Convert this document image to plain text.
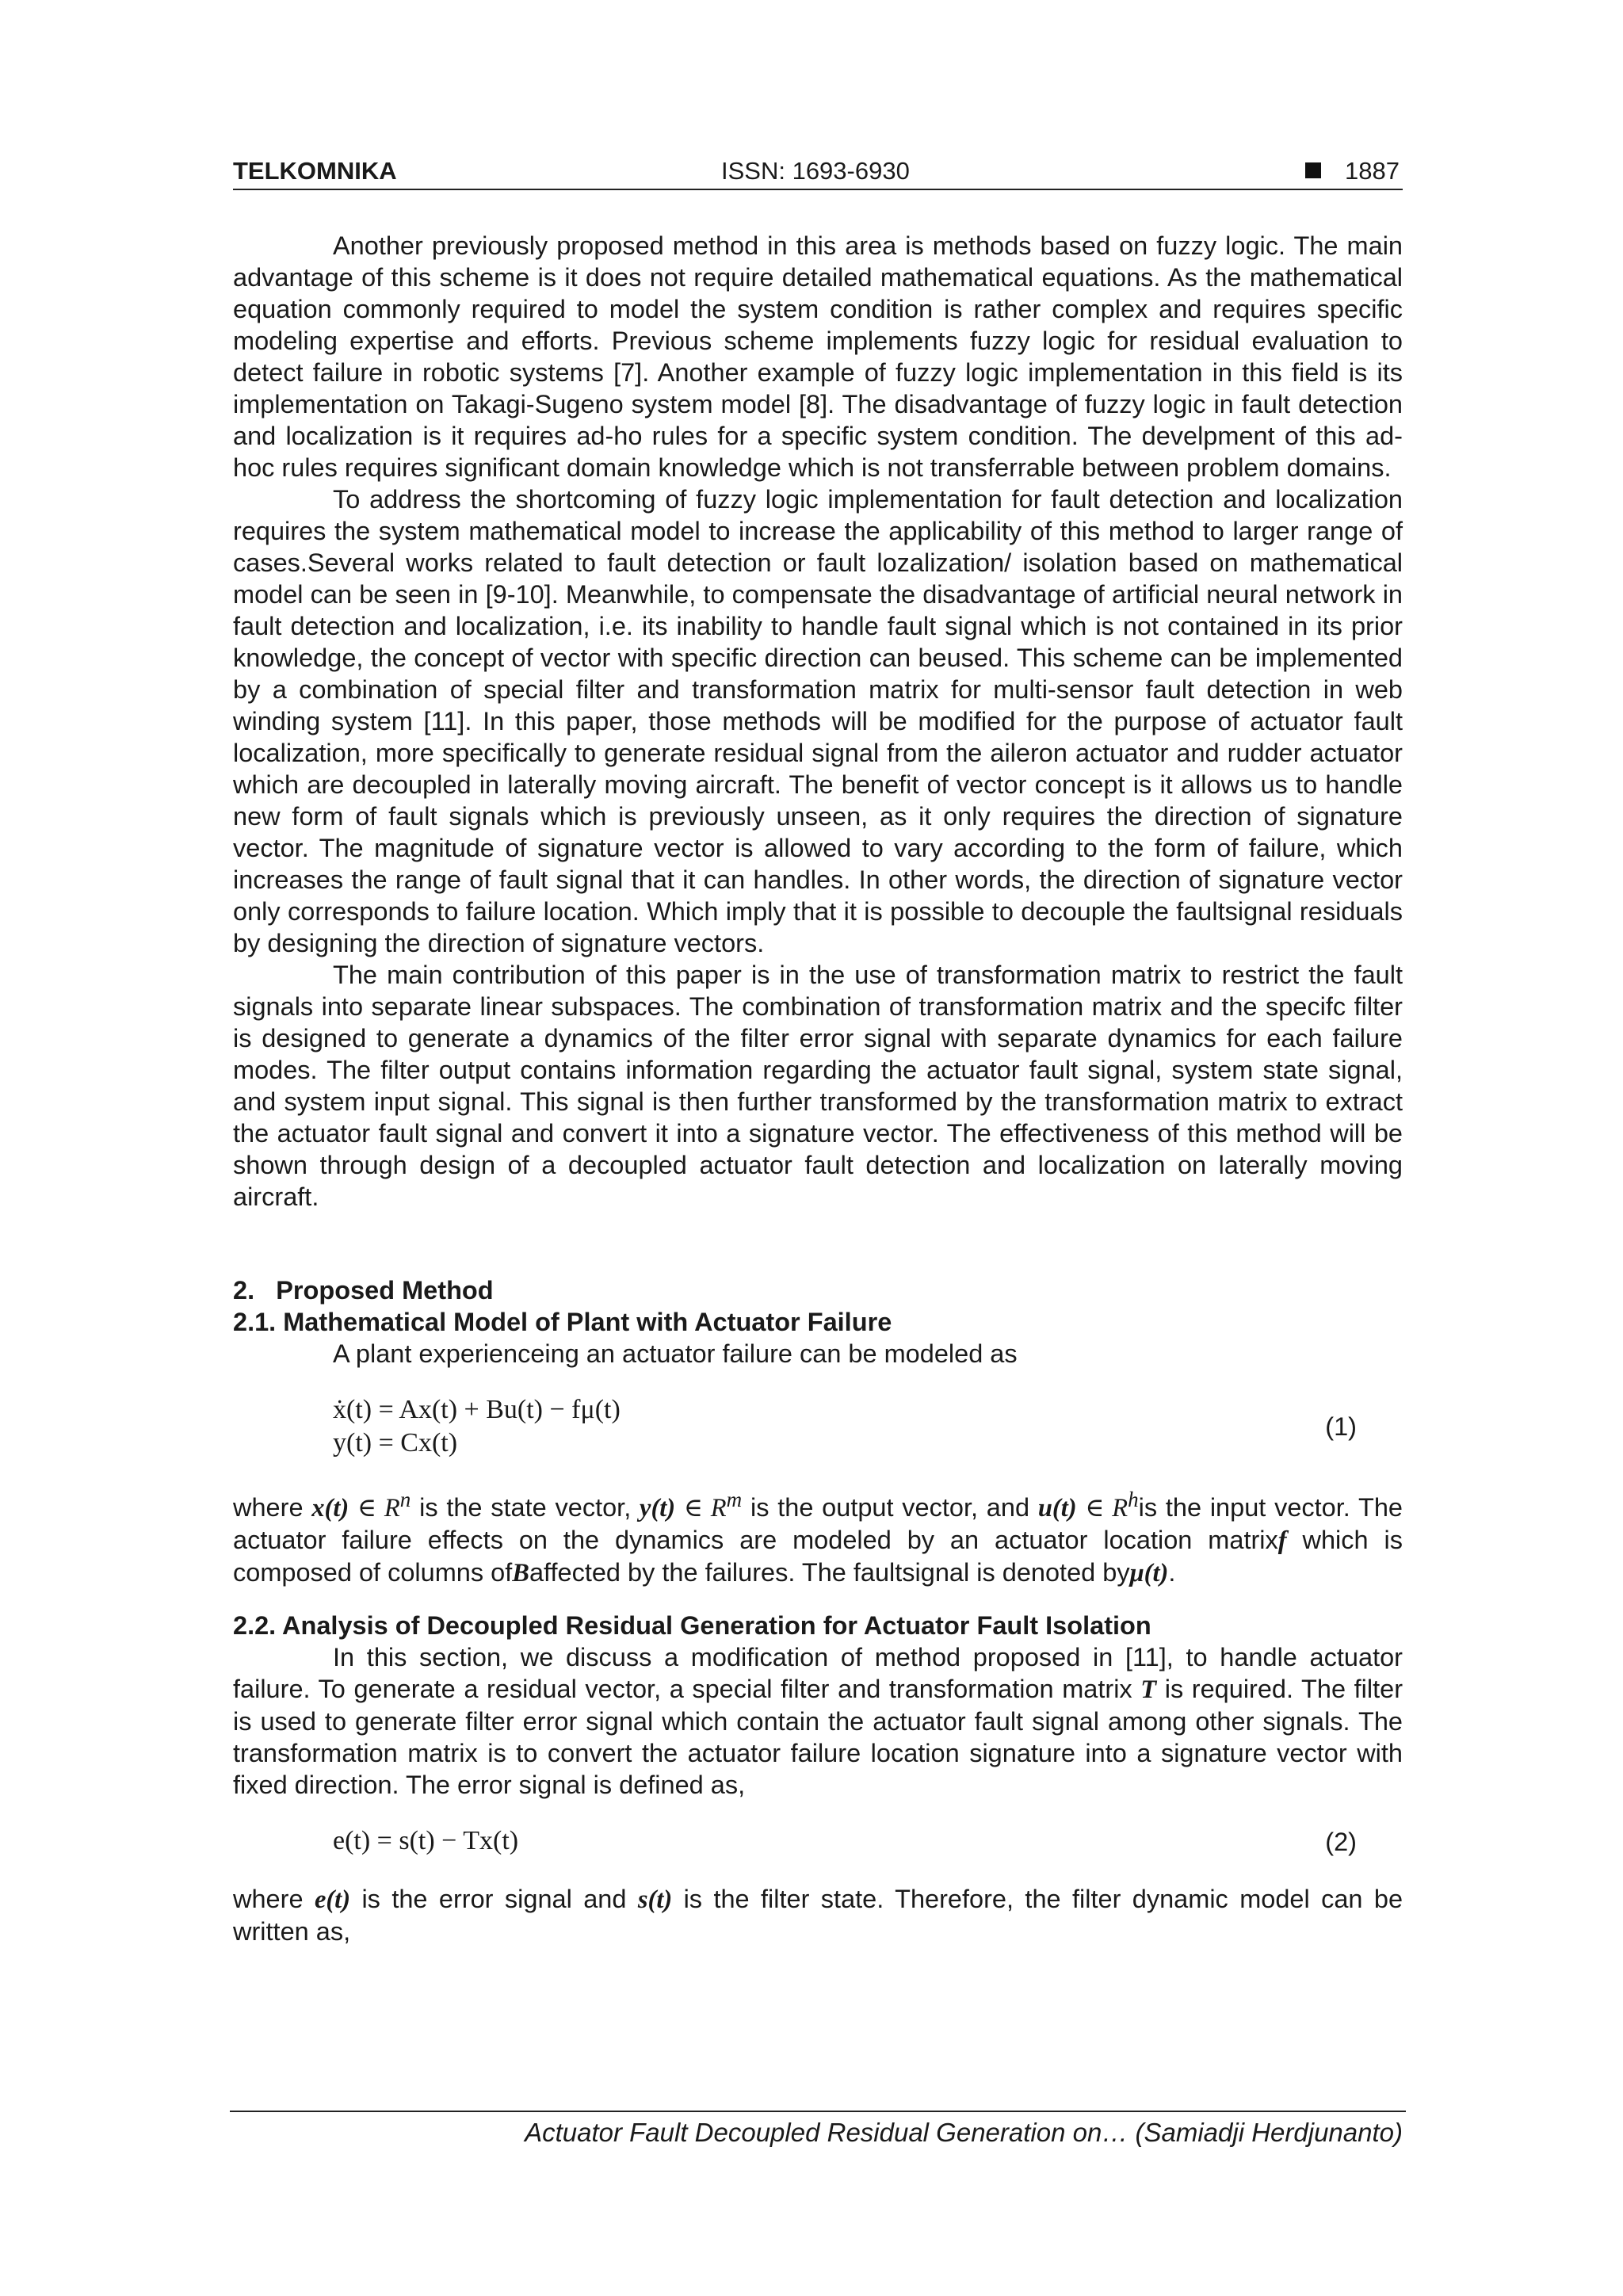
TELKOMNIKA	ISSN: 1693-6930	1887

Another previously proposed method in this area is methods based on fuzzy logic. The main advantage of this scheme is it does not require detailed mathematical equations. As the mathematical equation commonly required to model the system condition is rather complex and requires specific modeling expertise and efforts. Previous scheme implements fuzzy logic for residual evaluation to detect failure in robotic systems [7]. Another example of fuzzy logic implementation in this field is its implementation on Takagi-Sugeno system model [8]. The disadvantage of fuzzy logic in fault detection and localization is it requires ad-ho rules for a specific system condition. The develpment of this ad-hoc rules requires significant domain knowledge which is not transferrable between problem domains.

To address the shortcoming of fuzzy logic implementation for fault detection and localization requires the system mathematical model to increase the applicability of this method to larger range of cases.Several works related to fault detection or fault lozalization/ isolation based on mathematical model can be seen in [9-10]. Meanwhile, to compensate the disadvantage of artificial neural network in fault detection and localization, i.e. its inability to handle fault signal which is not contained in its prior knowledge, the concept of vector with specific direction can beused. This scheme can be implemented by a combination of special filter and transformation matrix for multi-sensor fault detection in web winding system [11]. In this paper, those methods will be modified for the purpose of actuator fault localization, more specifically to generate residual signal from the aileron actuator and rudder actuator which are decoupled in laterally moving aircraft. The benefit of vector concept is it allows us to handle new form of fault signals which is previously unseen, as it only requires the direction of signature vector. The magnitude of signature vector is allowed to vary according to the form of failure, which increases the range of fault signal that it can handles. In other words, the direction of signature vector only corresponds to failure location. Which imply that it is possible to decouple the faultsignal residuals by designing the direction of signature vectors.

The main contribution of this paper is in the use of transformation matrix to restrict the fault signals into separate linear subspaces. The combination of transformation matrix and the specifc filter is designed to generate a dynamics of the filter error signal with separate dynamics for each failure modes. The filter output contains information regarding the actuator fault signal, system state signal, and system input signal. This signal is then further transformed by the transformation matrix to extract the actuator fault signal and convert it into a signature vector. The effectiveness of this method will be shown through design of a decoupled actuator fault detection and localization on laterally moving aircraft.

2.   Proposed Method

2.1. Mathematical Model of Plant with Actuator Failure

A plant experienceing an actuator failure can be modeled as

ẋ(t) = Ax(t) + Bu(t) − fμ(t)
y(t) = Cx(t)
(1)

where x(t) ∈ $R^n$ is the state vector, y(t) ∈ $R^m$ is the output vector, and u(t) ∈ $R^his$ the input vector. The actuator failure effects on the dynamics are modeled by an actuator location matrixf which is composed of columns ofBaffected by the failures. The faultsignal is denoted byμ(t).

2.2. Analysis of Decoupled Residual Generation for Actuator Fault Isolation

In this section, we discuss a modification of method proposed in [11], to handle actuator failure. To generate a residual vector, a special filter and transformation matrix T is required. The filter is used to generate filter error signal which contain the actuator fault signal among other signals. The transformation matrix is to convert the actuator failure location signature into a signature vector with fixed direction. The error signal is defined as,

e(t) = s(t) − Tx(t)	(2)

where e(t) is the error signal and s(t) is the filter state. Therefore, the filter dynamic model can be written as,

Actuator Fault Decoupled Residual Generation on… (Samiadji Herdjunanto)
